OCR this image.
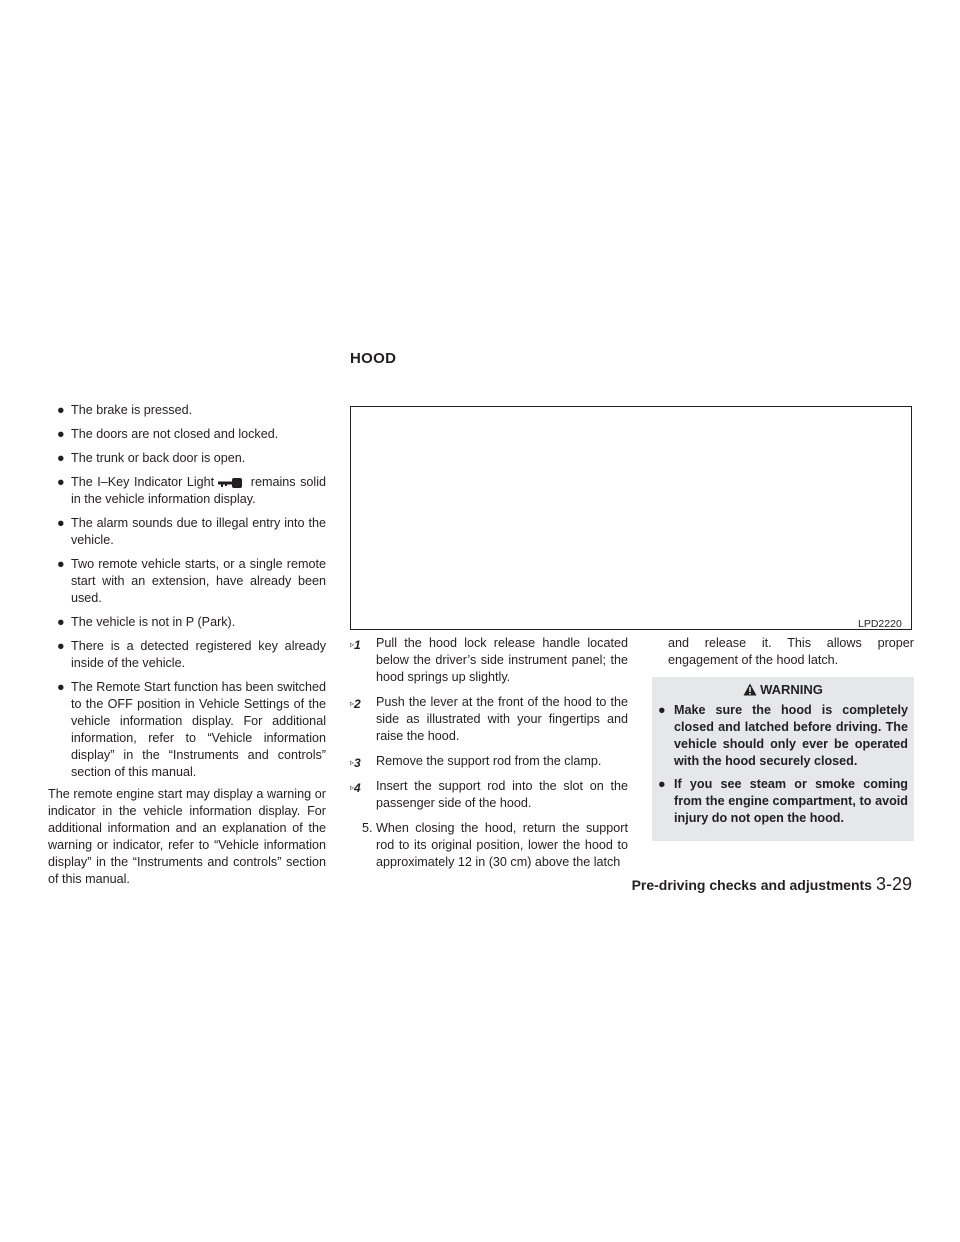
HOOD
● The brake is pressed.
● The doors are not closed and locked.
● The trunk or back door is open.
● The I–Key Indicator Light	remains solid in the vehicle information display.
● The alarm sounds due to illegal entry into the vehicle.
● Two remote vehicle starts, or a single remote start with an extension, have already been used.
● The vehicle is not in P (Park).
● There is a detected registered key already inside of the vehicle.
● The Remote Start function has been switched to the OFF position in Vehicle Settings of the vehicle information display. For additional information, refer to “Vehicle information display” in the “Instruments and controls” section of this manual.
The remote engine start may display a warning or indicator in the vehicle information display. For additional information and an explanation of the warning or indicator, refer to “Vehicle information display” in the “Instruments and controls” section of this manual.
LPD2220
▹1 Pull the hood lock release handle located below the driver’s side instrument panel; the hood springs up slightly.
▹2 Push the lever at the front of the hood to the side as illustrated with your fingertips and raise the hood.
▹3 Remove the support rod from the clamp.
▹4 Insert the support rod into the slot on the passenger side of the hood.
5. When closing the hood, return the support rod to its original position, lower the hood to approximately 12 in (30 cm) above the latch
and release it. This allows proper engagement of the hood latch.
WARNING
● Make sure the hood is completely closed and latched before driving. The vehicle should only ever be operated with the hood securely closed.
● If you see steam or smoke coming from the engine compartment, to avoid injury do not open the hood.
Pre-driving checks and adjustments 3-29
